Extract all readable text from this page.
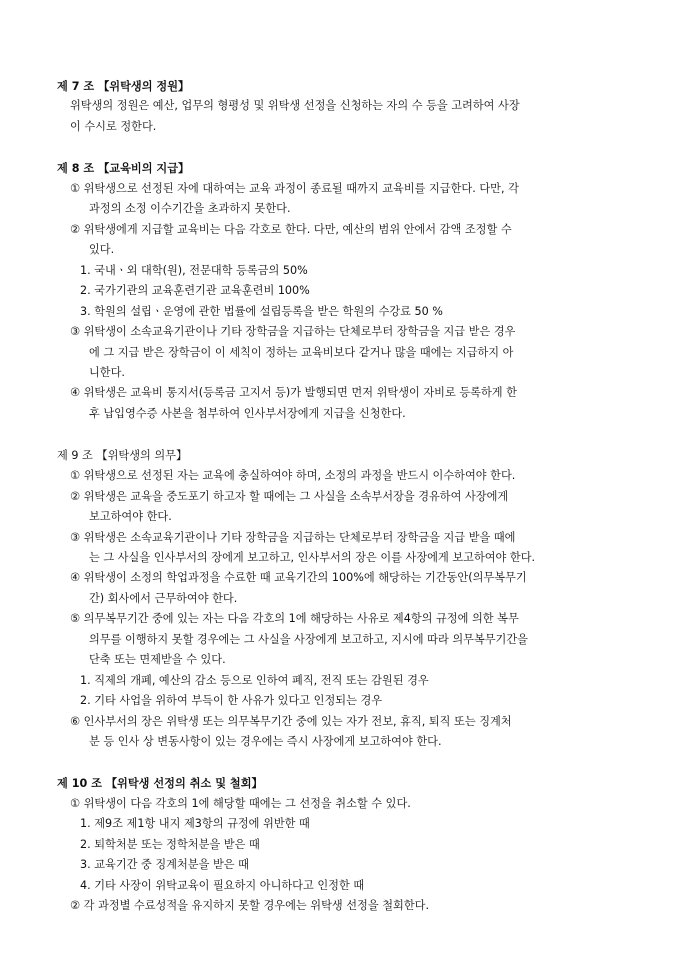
제 7 조 【위탁생의 정원】
위탁생의 정원은 예산, 업무의 형평성 및 위탁생 선정을 신청하는 자의 수 등을 고려하여 사장
이 수시로 정한다.
제 8 조 【교육비의 지급】
① 위탁생으로 선정된 자에 대하여는 교육 과정이 종료될 때까지 교육비를 지급한다. 다만, 각
과정의 소정 이수기간을 초과하지 못한다.
② 위탁생에게 지급할 교육비는 다음 각호로 한다. 다만, 예산의 범위 안에서 감액 조정할 수
있다.
1. 국내ㆍ외 대학(원), 전문대학 등록금의 50%
2. 국가기관의 교육훈련기관 교육훈련비 100%
3. 학원의 설립ㆍ운영에 관한 법률에 설립등록을 받은 학원의 수강료 50 %
③ 위탁생이 소속교육기관이나 기타 장학금을 지급하는 단체로부터 장학금을 지급 받은 경우
에 그 지급 받은 장학금이 이 세칙이 정하는 교육비보다 같거나 많을 때에는 지급하지 아
니한다.
④ 위탁생은 교육비 통지서(등록금 고지서 등)가 발행되면 먼저 위탁생이 자비로 등록하게 한
후 납입영수증 사본을 첨부하여 인사부서장에게 지급을 신청한다.
제 9 조 【위탁생의 의무】
① 위탁생으로 선정된 자는 교육에 충실하여야 하며, 소정의 과정을 반드시 이수하여야 한다.
② 위탁생은 교육을 중도포기 하고자 할 때에는 그 사실을 소속부서장을 경유하여 사장에게
보고하여야 한다.
③ 위탁생은 소속교육기관이나 기타 장학금을 지급하는 단체로부터 장학금을 지급 받을 때에
는 그 사실을 인사부서의 장에게 보고하고, 인사부서의 장은 이를 사장에게 보고하여야 한다.
④ 위탁생이 소정의 학업과정을 수료한 때 교육기간의 100%에 해당하는 기간동안(의무복무기
간) 회사에서 근무하여야 한다.
⑤ 의무복무기간 중에 있는 자는 다음 각호의 1에 해당하는 사유로 제4항의 규정에 의한 복무
의무를 이행하지 못할 경우에는 그 사실을 사장에게 보고하고, 지시에 따라 의무복무기간을
단축 또는 면제받을 수 있다.
1. 직제의 개폐, 예산의 감소 등으로 인하여 폐직, 전직 또는 감원된 경우
2. 기타 사업을 위하여 부득이 한 사유가 있다고 인정되는 경우
⑥ 인사부서의 장은 위탁생 또는 의무복무기간 중에 있는 자가 전보, 휴직, 퇴직 또는 징계처
분 등 인사 상 변동사항이 있는 경우에는 즉시 사장에게 보고하여야 한다.
제 10 조 【위탁생 선정의 취소 및 철회】
① 위탁생이 다음 각호의 1에 해당할 때에는 그 선정을 취소할 수 있다.
1. 제9조 제1항 내지 제3항의 규정에 위반한 때
2. 퇴학처분 또는 정학처분을 받은 때
3. 교육기간 중 징계처분을 받은 때
4. 기타 사장이 위탁교육이 필요하지 아니하다고 인정한 때
② 각 과정별 수료성적을 유지하지 못할 경우에는 위탁생 선정을 철회한다.
